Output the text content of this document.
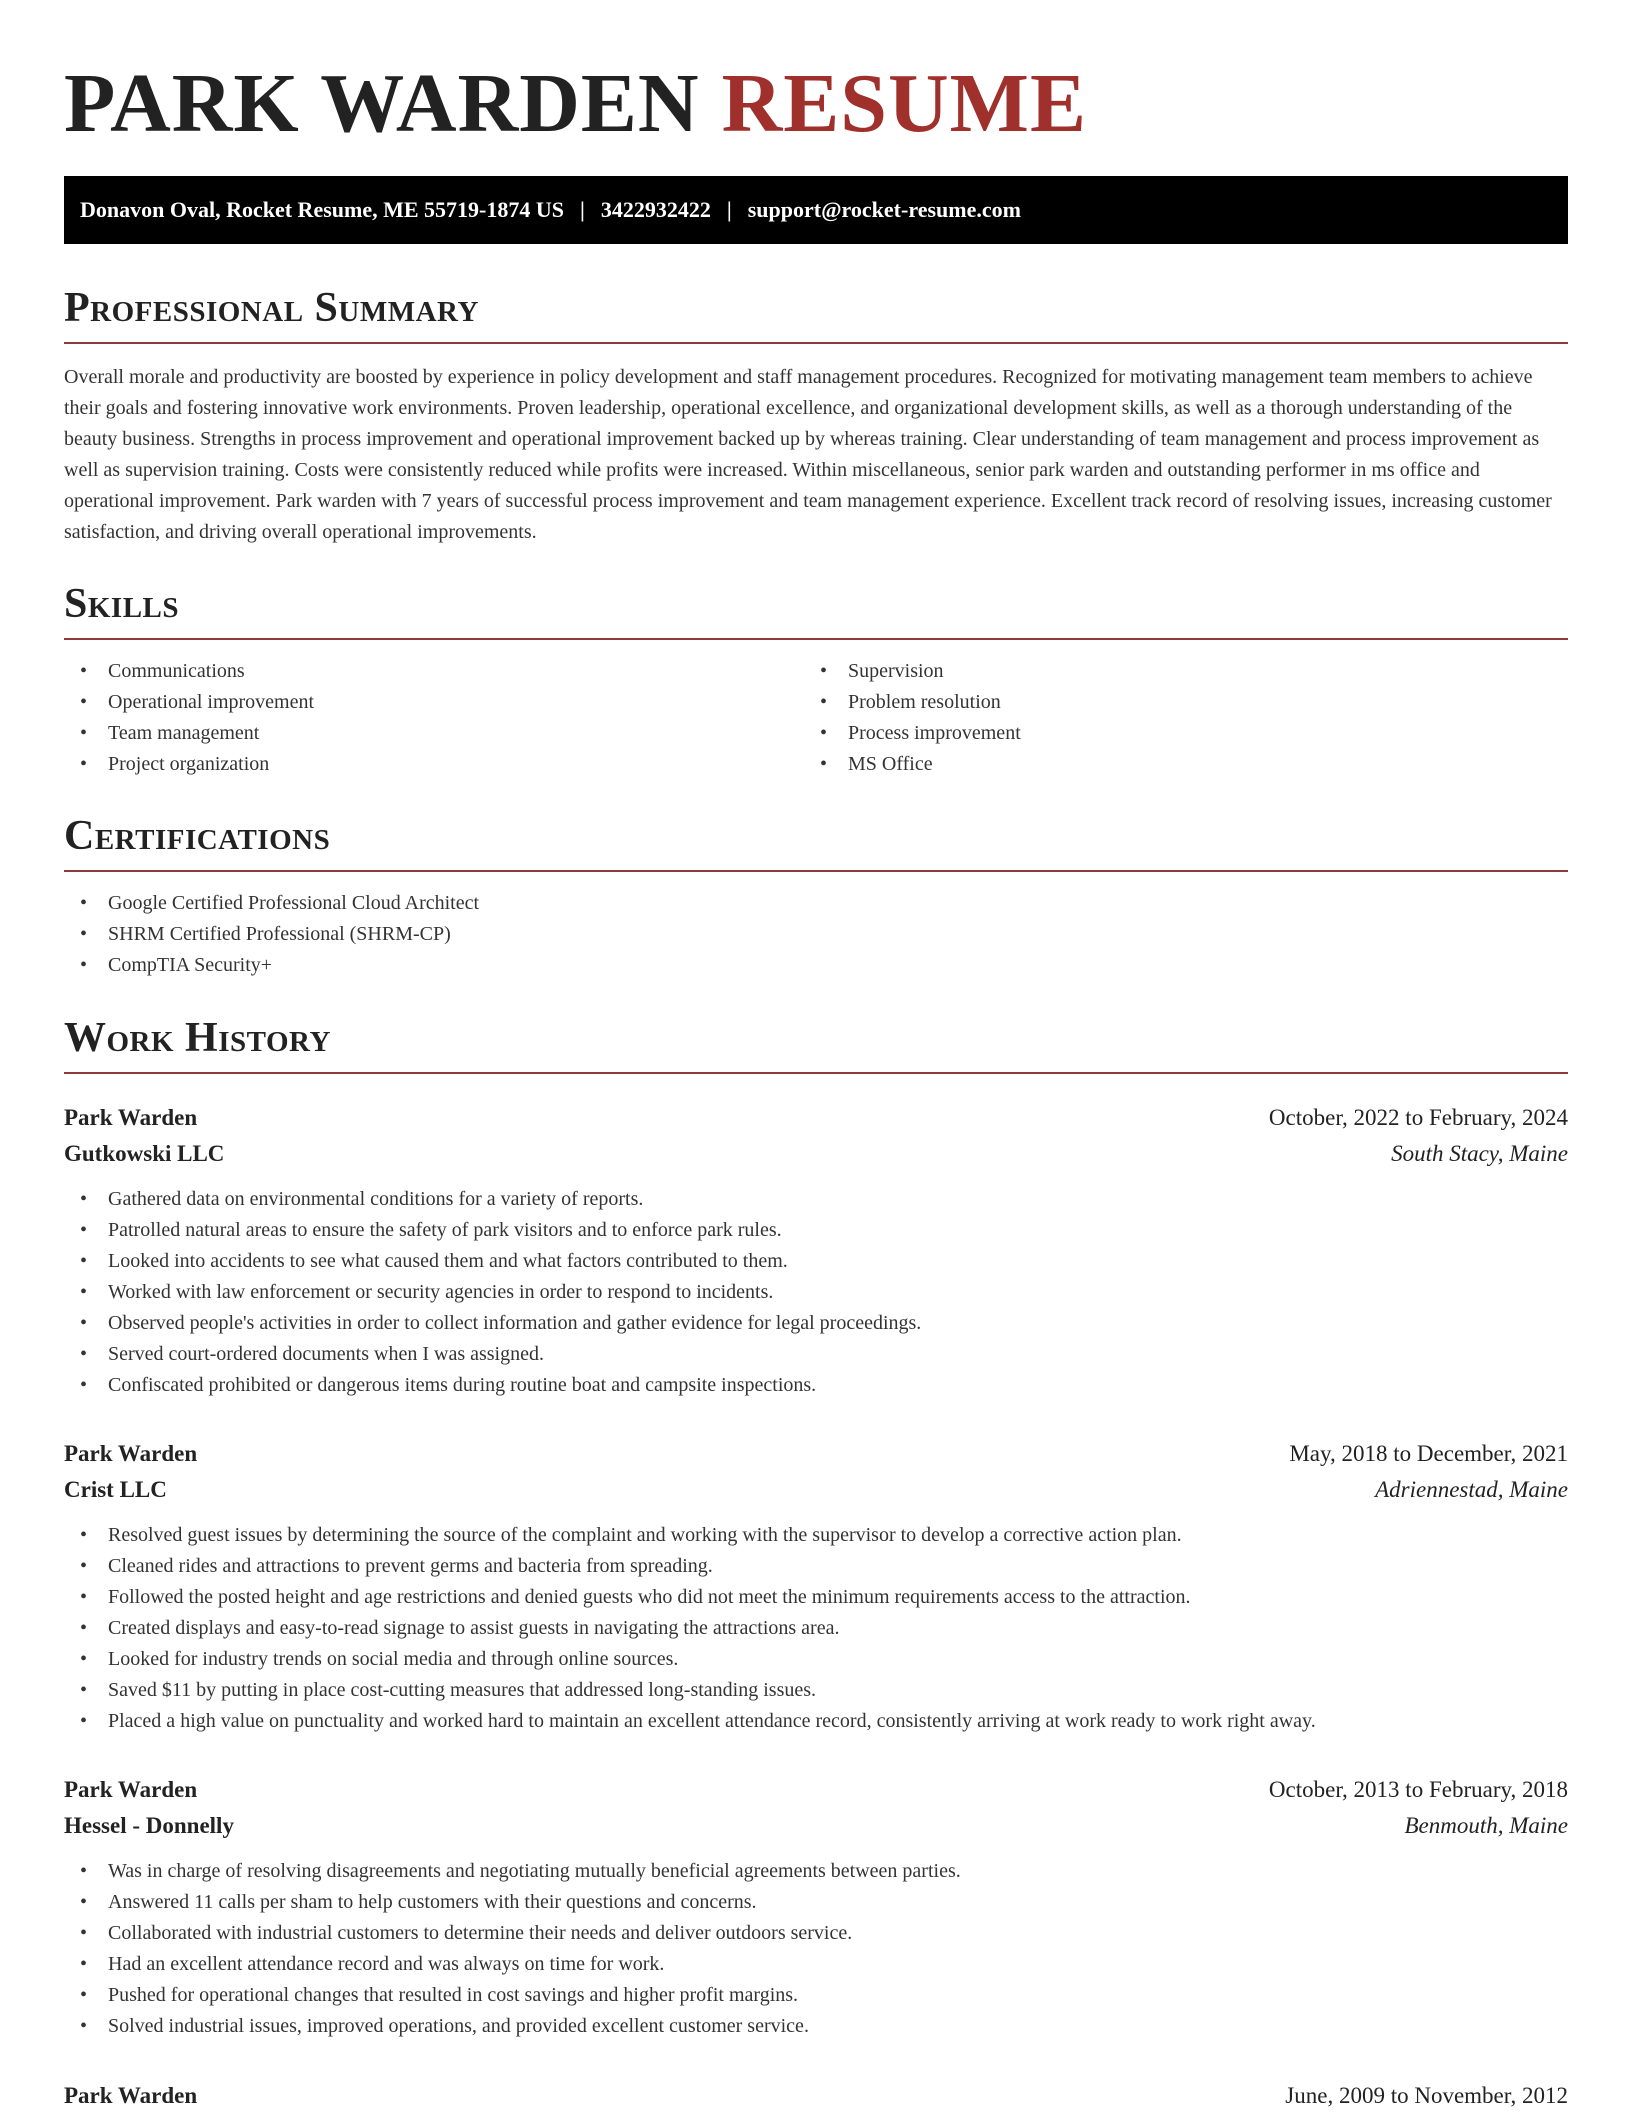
PARK WARDEN RESUME
Donavon Oval, Rocket Resume, ME 55719-1874 US | 3422932422 | support@rocket-resume.com
Professional Summary

Overall morale and productivity are boosted by experience in policy development and staff management procedures. Recognized for motivating management team members to achieve their goals and fostering innovative work environments. Proven leadership, operational excellence, and organizational development skills, as well as a thorough understanding of the beauty business. Strengths in process improvement and operational improvement backed up by whereas training. Clear understanding of team management and process improvement as well as supervision training. Costs were consistently reduced while profits were increased. Within miscellaneous, senior park warden and outstanding performer in ms office and operational improvement. Park warden with 7 years of successful process improvement and team management experience. Excellent track record of resolving issues, increasing customer satisfaction, and driving overall operational improvements.

Skills
• Communications
• Operational improvement
• Team management
• Project organization
• Supervision
• Problem resolution
• Process improvement
• MS Office
Certifications
• Google Certified Professional Cloud Architect
• SHRM Certified Professional (SHRM-CP)
• CompTIA Security+
Work History
Park Warden	October, 2022 to February, 2024
Gutkowski LLC	South Stacy, Maine
• Gathered data on environmental conditions for a variety of reports.
• Patrolled natural areas to ensure the safety of park visitors and to enforce park rules.
• Looked into accidents to see what caused them and what factors contributed to them.
• Worked with law enforcement or security agencies in order to respond to incidents.
• Observed people's activities in order to collect information and gather evidence for legal proceedings.
• Served court-ordered documents when I was assigned.
• Confiscated prohibited or dangerous items during routine boat and campsite inspections.
Park Warden	May, 2018 to December, 2021
Crist LLC	Adriennestad, Maine
• Resolved guest issues by determining the source of the complaint and working with the supervisor to develop a corrective action plan.
• Cleaned rides and attractions to prevent germs and bacteria from spreading.
• Followed the posted height and age restrictions and denied guests who did not meet the minimum requirements access to the attraction.
• Created displays and easy-to-read signage to assist guests in navigating the attractions area.
• Looked for industry trends on social media and through online sources.
• Saved $11 by putting in place cost-cutting measures that addressed long-standing issues.
• Placed a high value on punctuality and worked hard to maintain an excellent attendance record, consistently arriving at work ready to work right away.
Park Warden	October, 2013 to February, 2018
Hessel - Donnelly	Benmouth, Maine
• Was in charge of resolving disagreements and negotiating mutually beneficial agreements between parties.
• Answered 11 calls per sham to help customers with their questions and concerns.
• Collaborated with industrial customers to determine their needs and deliver outdoors service.
• Had an excellent attendance record and was always on time for work.
• Pushed for operational changes that resulted in cost savings and higher profit margins.
• Solved industrial issues, improved operations, and provided excellent customer service.
Park Warden	June, 2009 to November, 2012
